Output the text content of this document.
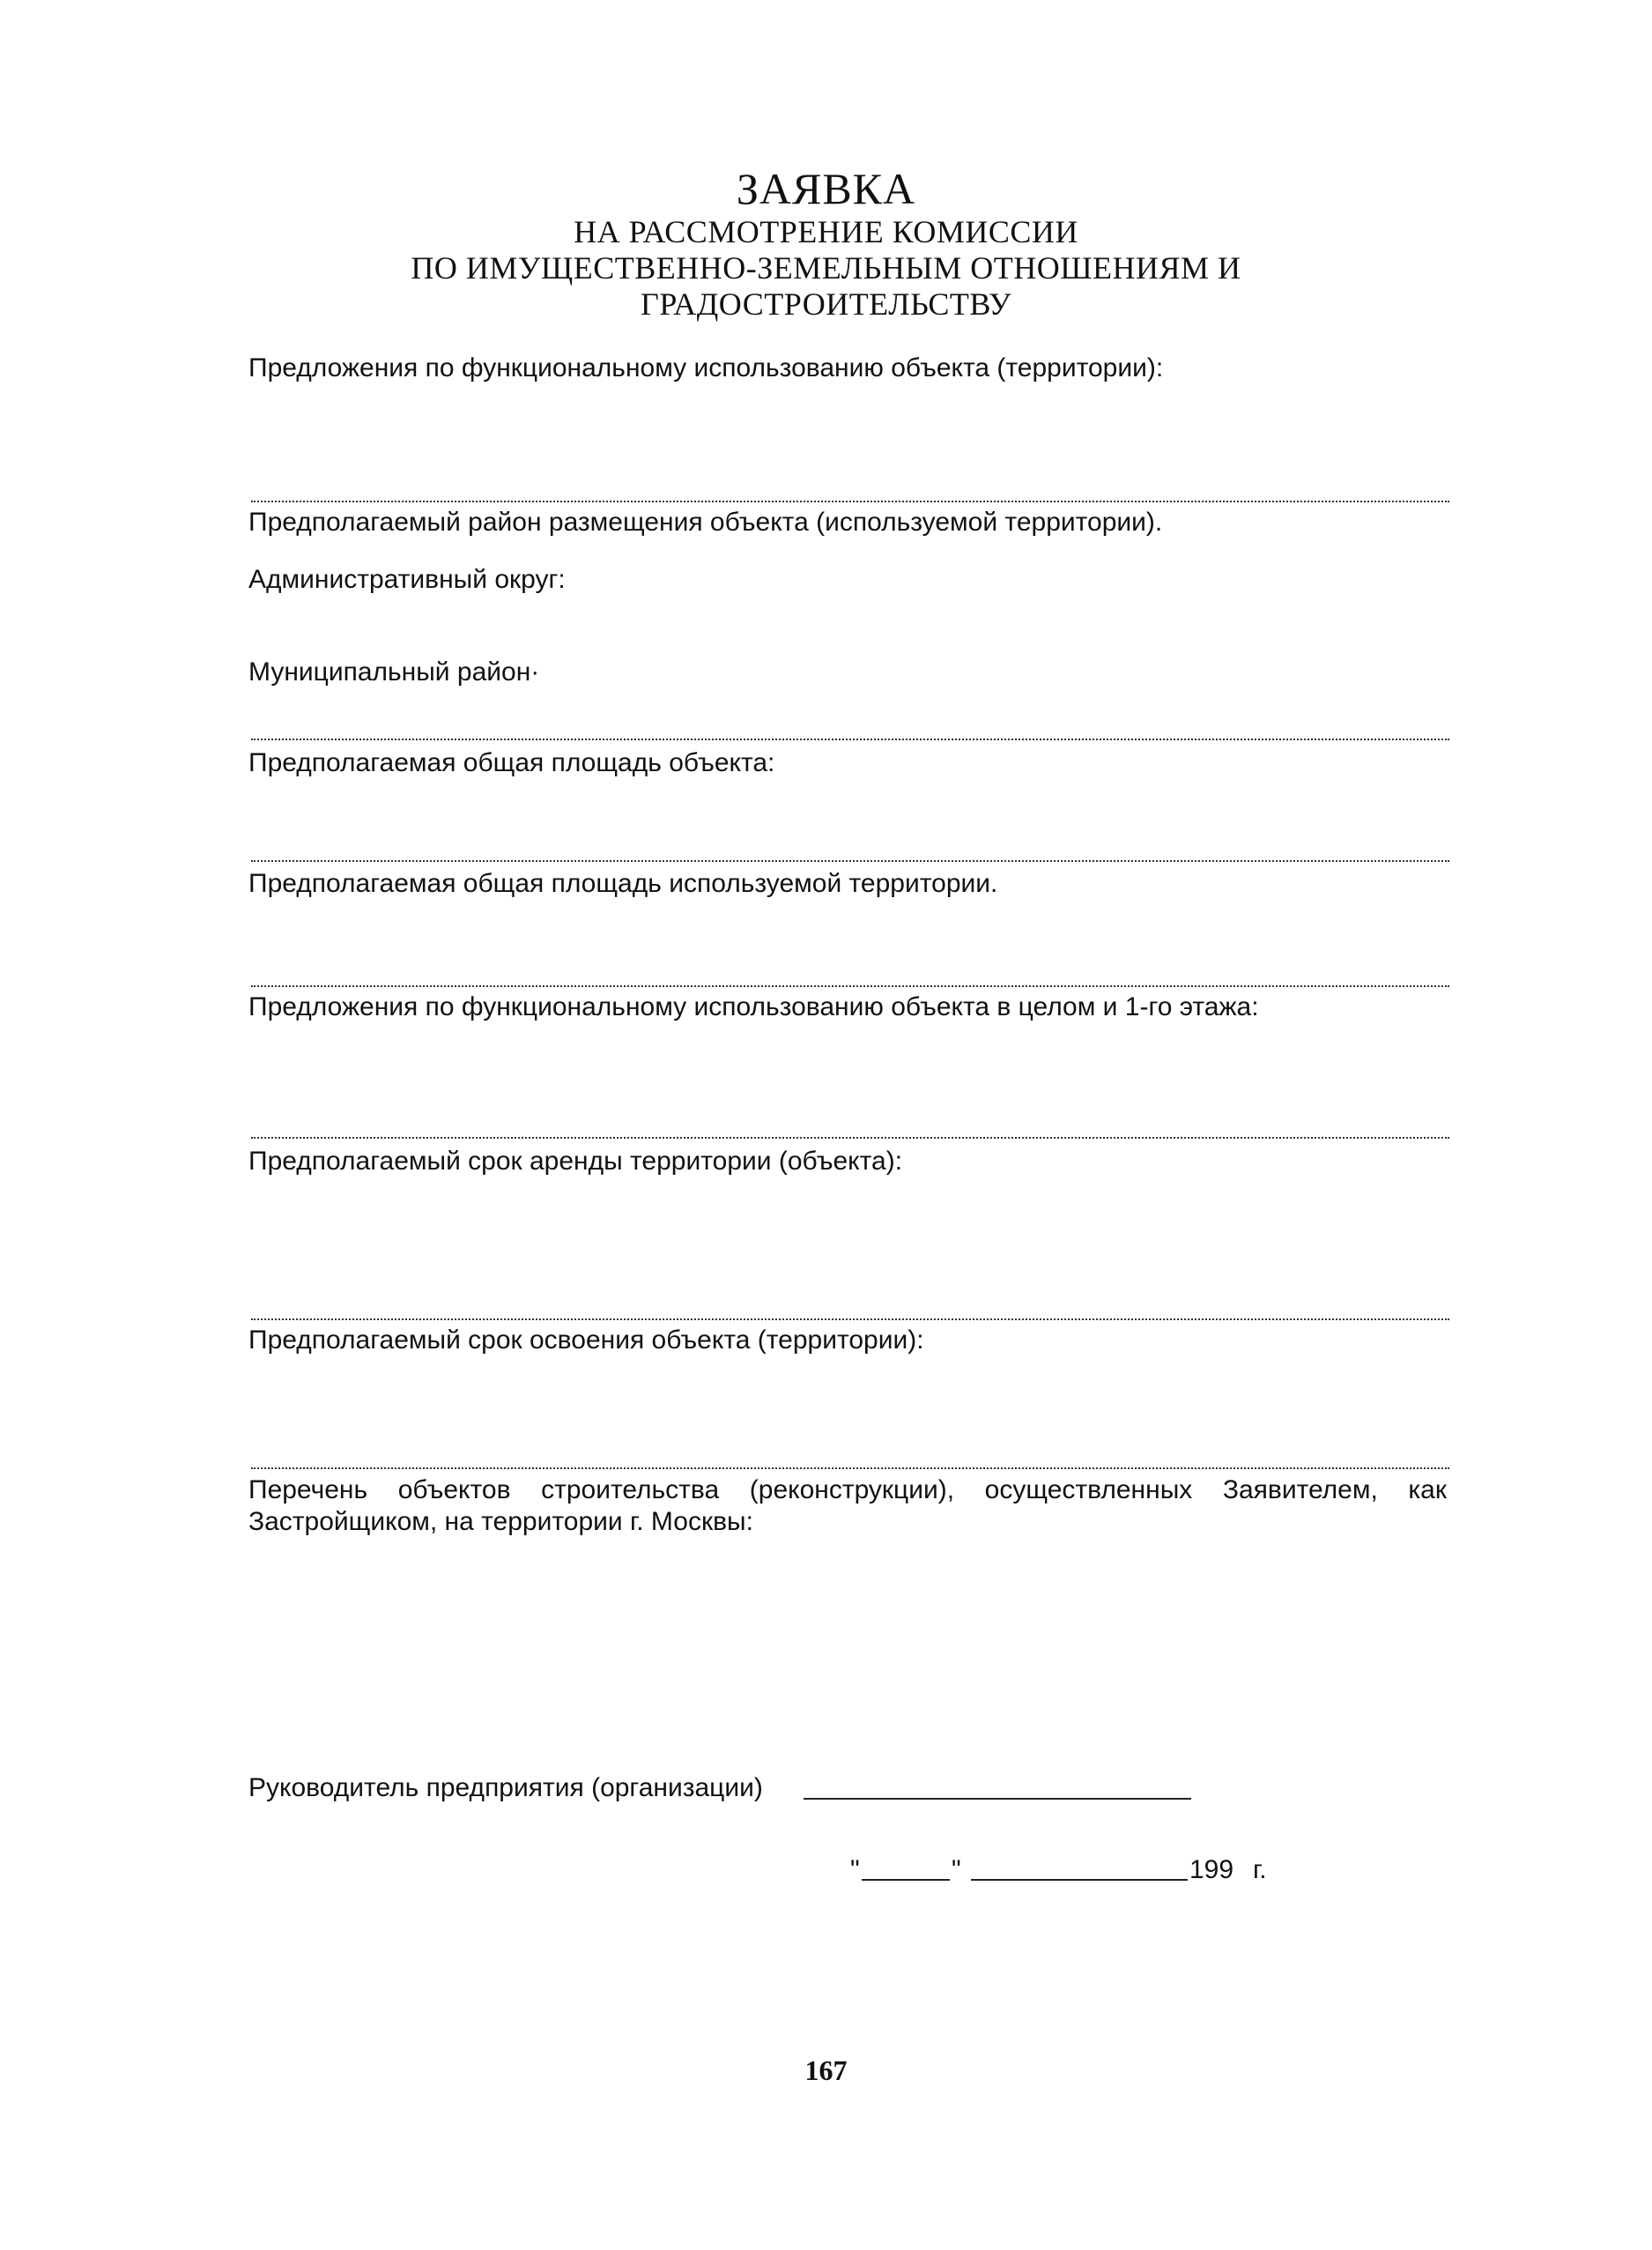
ЗАЯВКА
НА РАССМОТРЕНИЕ КОМИССИИ
ПО ИМУЩЕСТВЕННО-ЗЕМЕЛЬНЫМ ОТНОШЕНИЯМ И
ГРАДОСТРОИТЕЛЬСТВУ
Предложения по функциональному использованию объекта (территории):
Предполагаемый район размещения объекта (используемой территории).
Административный округ:
Муниципальный район·
Предполагаемая общая площадь объекта:
Предполагаемая общая площадь используемой территории.
Предложения по функциональному использованию объекта в целом и 1-го этажа:
Предполагаемый срок аренды территории (объекта):
Предполагаемый срок освоения объекта (территории):
Перечень объектов строительства (реконструкции), осуществленных Заявителем, как Застройщиком, на территории г. Москвы:
Руководитель предприятия (организации)
"	"	199 г.
167
